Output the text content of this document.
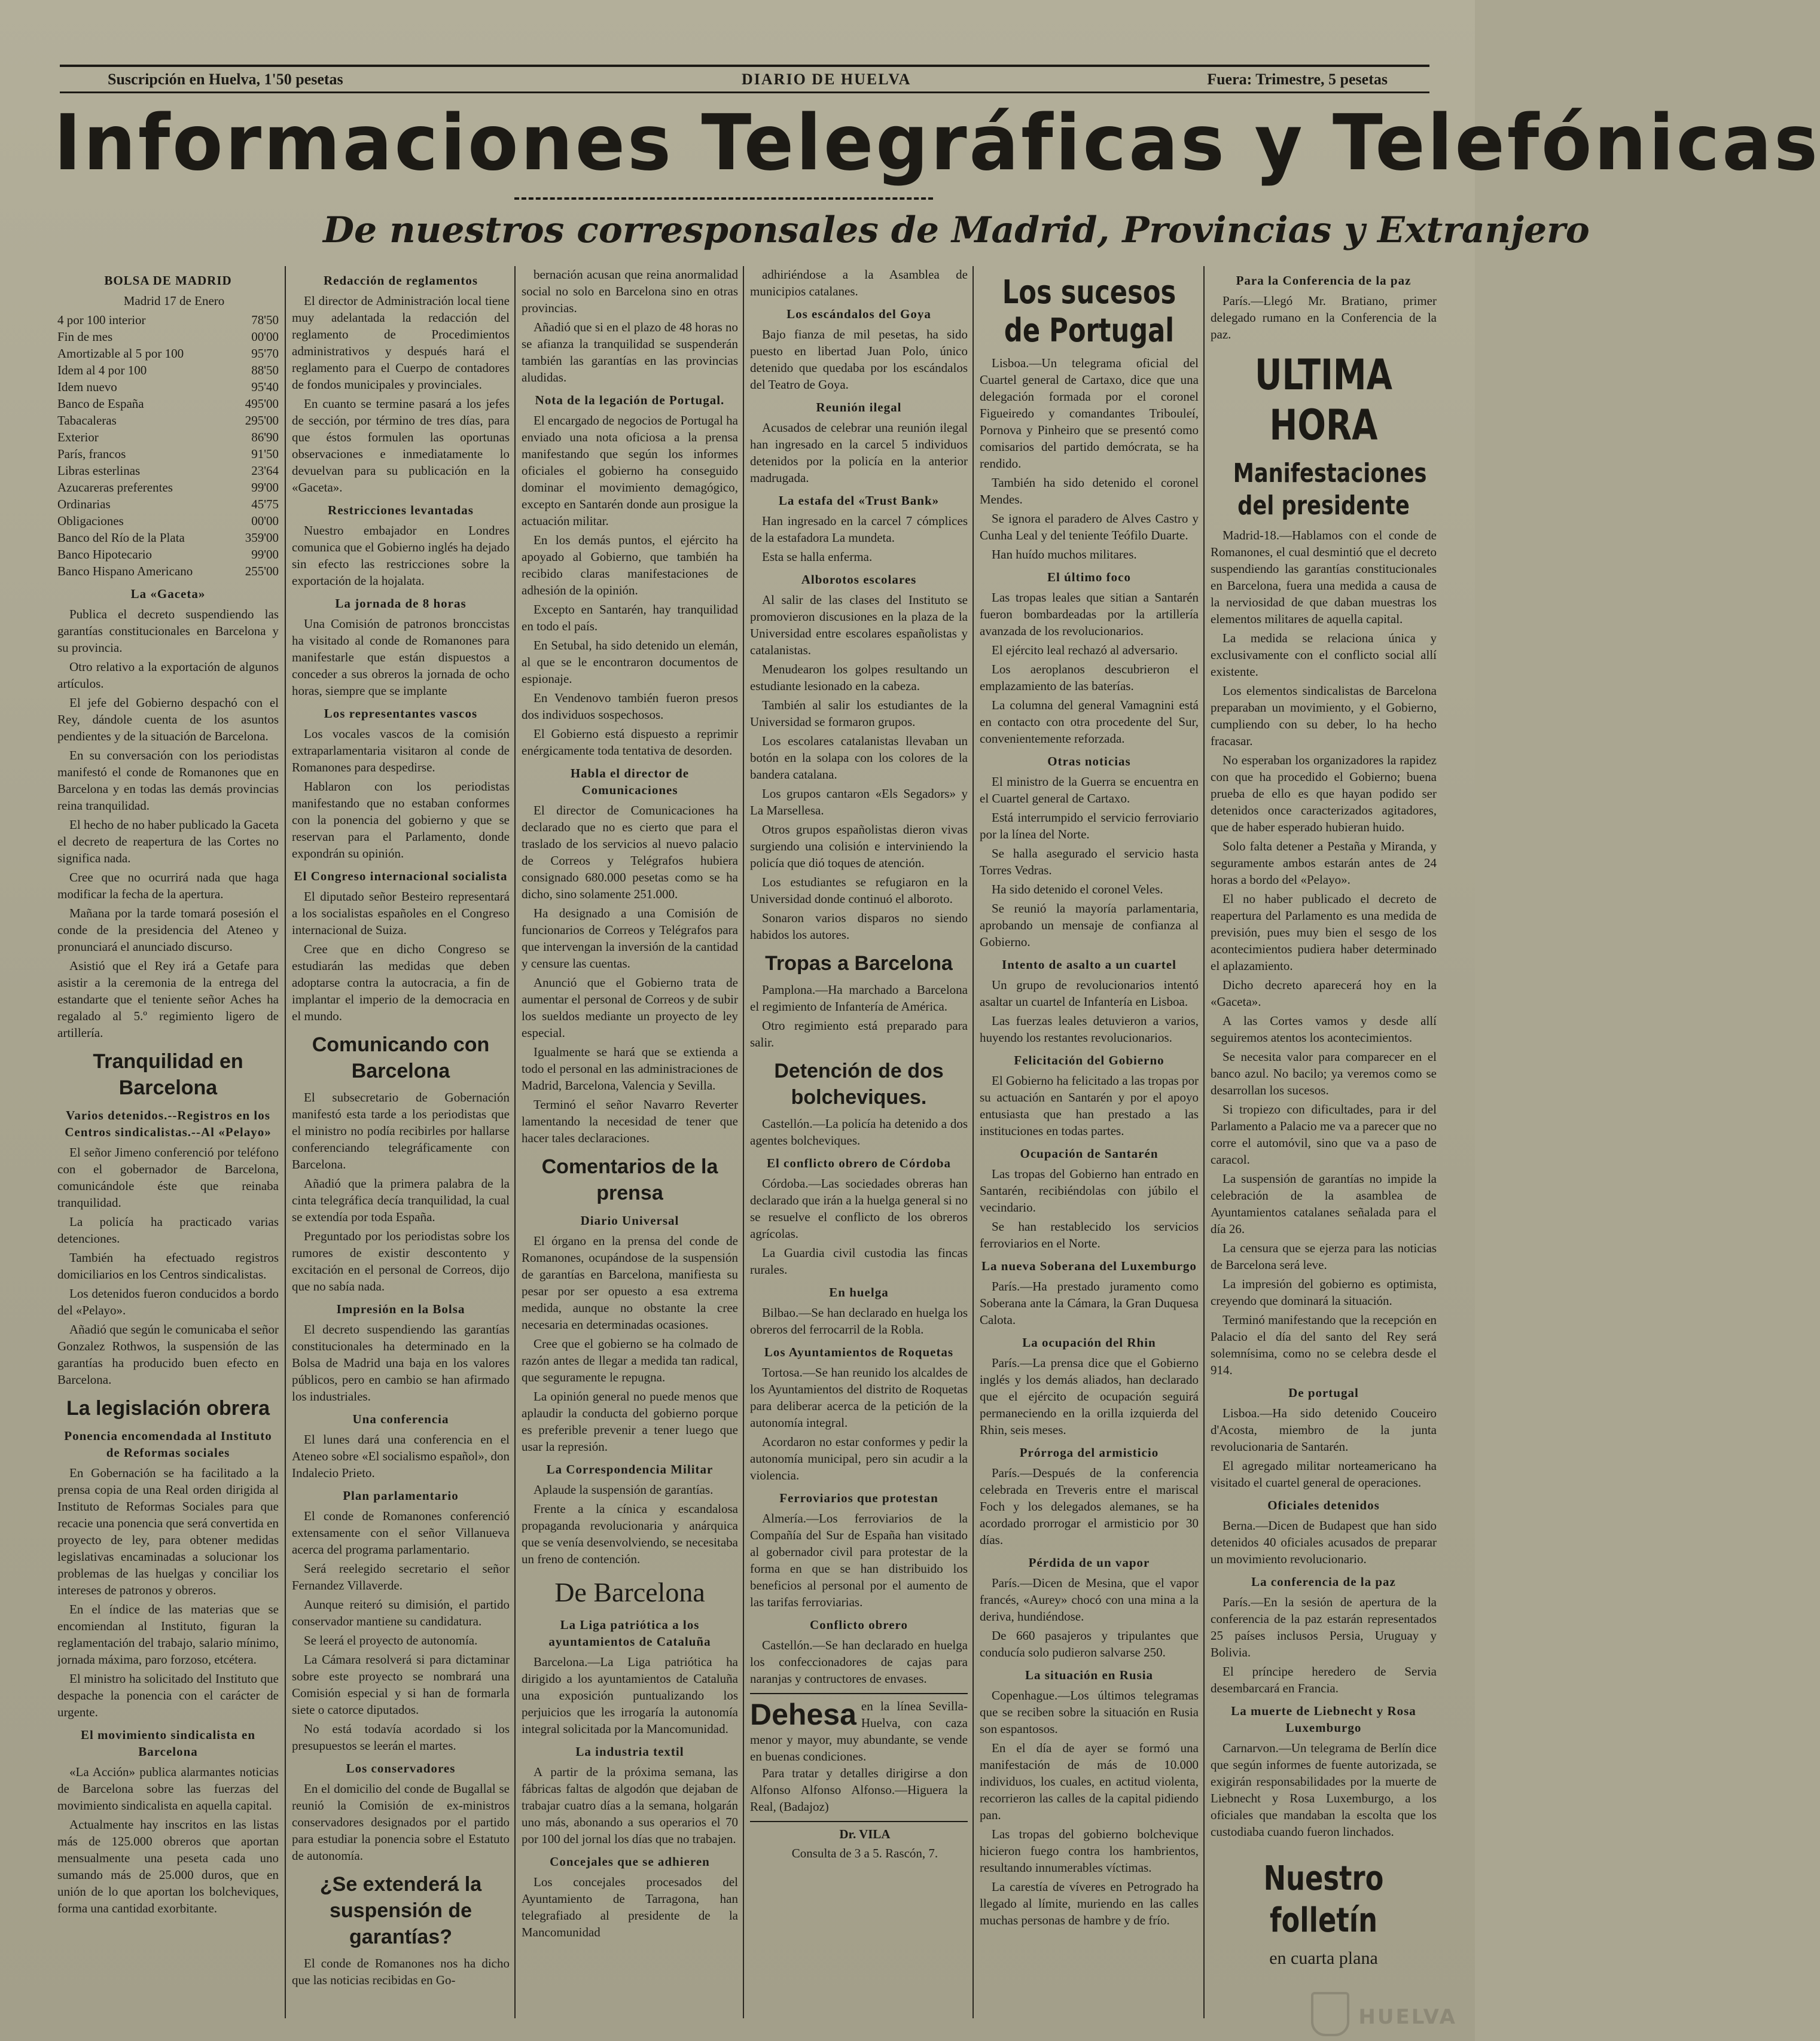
Suscripción en Huelva, 1'50 pesetas	DIARIO DE HUELVA	Fuera: Trimestre, 5 pesetas
Informaciones Telegráficas y Telefónicas
De nuestros corresponsales de Madrid, Provincias y Extranjero
BOLSA DE MADRID

Madrid 17 de Enero

4 por 100 interior	78'50
Fin de mes	00'00
Amortizable al 5 por 100	95'70
Idem al 4 por 100	88'50
Idem nuevo	95'40
Banco de España	495'00
Tabacaleras	295'00
Exterior	86'90
París, francos	91'50
Libras esterlinas	23'64
Azucareras preferentes	99'00
Ordinarias	45'75
Obligaciones	00'00
Banco del Río de la Plata	359'00
Banco Hipotecario	99'00
Banco Hispano Americano	255'00
La «Gaceta»

Publica el decreto suspendiendo las garantías constitucionales en Barcelona y su provincia.

Otro relativo a la exportación de algunos artículos.

El jefe del Gobierno despachó con el Rey, dándole cuenta de los asuntos pendientes y de la situación de Barcelona.

En su conversación con los periodistas manifestó el conde de Romanones que en Barcelona y en todas las demás provincias reina tranquilidad.

El hecho de no haber publicado la Gaceta el decreto de reapertura de las Cortes no significa nada.

Cree que no ocurrirá nada que haga modificar la fecha de la apertura.

Mañana por la tarde tomará posesión el conde de la presidencia del Ateneo y pronunciará el anunciado discurso.

Asistió que el Rey irá a Getafe para asistir a la ceremonia de la entrega del estandarte que el teniente señor Aches ha regalado al 5.º regimiento ligero de artillería.

Tranquilidad en Barcelona
Varios detenidos.--Registros en los Centros sindicalistas.--Al «Pelayo»

El señor Jimeno conferenció por teléfono con el gobernador de Barcelona, comunicándole éste que reinaba tranquilidad.

La policía ha practicado varias detenciones.

También ha efectuado registros domiciliarios en los Centros sindicalistas.

Los detenidos fueron conducidos a bordo del «Pelayo».

Añadió que según le comunicaba el señor Gonzalez Rothwos, la suspensión de las garantías ha producido buen efecto en Barcelona.

La legislación obrera
Ponencia encomendada al Instituto de Reformas sociales

En Gobernación se ha facilitado a la prensa copia de una Real orden dirigida al Instituto de Reformas Sociales para que recacie una ponencia que será convertida en proyecto de ley, para obtener medidas legislativas encaminadas a solucionar los problemas de las huelgas y conciliar los intereses de patronos y obreros.

En el índice de las materias que se encomiendan al Instituto, figuran la reglamentación del trabajo, salario mínimo, jornada máxima, paro forzoso, etcétera.

El ministro ha solicitado del Instituto que despache la ponencia con el carácter de urgente.

El movimiento sindicalista en Barcelona

«La Acción» publica alarmantes noticias de Barcelona sobre las fuerzas del movimiento sindicalista en aquella capital.

Actualmente hay inscritos en las listas más de 125.000 obreros que aportan mensualmente una peseta cada uno sumando más de 25.000 duros, que en unión de lo que aportan los bolcheviques, forma una cantidad exorbitante.

Redacción de reglamentos

El director de Administración local tiene muy adelantada la redacción del reglamento de Procedimientos administrativos y después hará el reglamento para el Cuerpo de contadores de fondos municipales y provinciales.

En cuanto se termine pasará a los jefes de sección, por término de tres días, para que éstos formulen las oportunas observaciones e inmediatamente lo devuelvan para su publicación en la «Gaceta».

Restricciones levantadas

Nuestro embajador en Londres comunica que el Gobierno inglés ha dejado sin efecto las restricciones sobre la exportación de la hojalata.

La jornada de 8 horas

Una Comisión de patronos bronccistas ha visitado al conde de Romanones para manifestarle que están dispuestos a conceder a sus obreros la jornada de ocho horas, siempre que se implante

Los representantes vascos

Los vocales vascos de la comisión extraparlamentaria visitaron al conde de Romanones para despedirse.

Hablaron con los periodistas manifestando que no estaban conformes con la ponencia del gobierno y que se reservan para el Parlamento, donde expondrán su opinión.

El Congreso internacional socialista

El diputado señor Besteiro representará a los socialistas españoles en el Congreso internacional de Suiza.

Cree que en dicho Congreso se estudiarán las medidas que deben adoptarse contra la autocracia, a fin de implantar el imperio de la democracia en el mundo.

Comunicando con Barcelona

El subsecretario de Gobernación manifestó esta tarde a los periodistas que el ministro no podía recibirles por hallarse conferenciando telegráficamente con Barcelona.

Añadió que la primera palabra de la cinta telegráfica decía tranquilidad, la cual se extendía por toda España.

Preguntado por los periodistas sobre los rumores de existir descontento y excitación en el personal de Correos, dijo que no sabía nada.

Impresión en la Bolsa

El decreto suspendiendo las garantías constitucionales ha determinado en la Bolsa de Madrid una baja en los valores públicos, pero en cambio se han afirmado los industriales.

Una conferencia

El lunes dará una conferencia en el Ateneo sobre «El socialismo español», don Indalecio Prieto.

Plan parlamentario

El conde de Romanones conferenció extensamente con el señor Villanueva acerca del programa parlamentario.

Será reelegido secretario el señor Fernandez Villaverde.

Aunque reiteró su dimisión, el partido conservador mantiene su candidatura.

Se leerá el proyecto de autonomía.

La Cámara resolverá si para dictaminar sobre este proyecto se nombrará una Comisión especial y si han de formarla siete o catorce diputados.

No está todavía acordado si los presupuestos se leerán el martes.

Los conservadores

En el domicilio del conde de Bugallal se reunió la Comisión de ex-ministros conservadores designados por el partido para estudiar la ponencia sobre el Estatuto de autonomía.

¿Se extenderá la suspensión de garantías?

El conde de Romanones nos ha dicho que las noticias recibidas en Go-

bernación acusan que reina anormalidad social no solo en Barcelona sino en otras provincias.

Añadió que si en el plazo de 48 horas no se afianza la tranquilidad se suspenderán también las garantías en las provincias aludidas.

Nota de la legación de Portugal.

El encargado de negocios de Portugal ha enviado una nota oficiosa a la prensa manifestando que según los informes oficiales el gobierno ha conseguido dominar el movimiento demagógico, excepto en Santarén donde aun prosigue la actuación militar.

En los demás puntos, el ejército ha apoyado al Gobierno, que también ha recibido claras manifestaciones de adhesión de la opinión.

Excepto en Santarén, hay tranquilidad en todo el país.

En Setubal, ha sido detenido un elemán, al que se le encontraron documentos de espionaje.

En Vendenovo también fueron presos dos individuos sospechosos.

El Gobierno está dispuesto a reprimir enérgicamente toda tentativa de desorden.

Habla el director de Comunicaciones

El director de Comunicaciones ha declarado que no es cierto que para el traslado de los servicios al nuevo palacio de Correos y Telégrafos hubiera consignado 680.000 pesetas como se ha dicho, sino solamente 251.000.

Ha designado a una Comisión de funcionarios de Correos y Telégrafos para que intervengan la inversión de la cantidad y censure las cuentas.

Anunció que el Gobierno trata de aumentar el personal de Correos y de subir los sueldos mediante un proyecto de ley especial.

Igualmente se hará que se extienda a todo el personal en las administraciones de Madrid, Barcelona, Valencia y Sevilla.

Terminó el señor Navarro Reverter lamentando la necesidad de tener que hacer tales declaraciones.

Comentarios de la prensa
Diario Universal

El órgano en la prensa del conde de Romanones, ocupándose de la suspensión de garantías en Barcelona, manifiesta su pesar por ser opuesto a esa extrema medida, aunque no obstante la cree necesaria en determinadas ocasiones.

Cree que el gobierno se ha colmado de razón antes de llegar a medida tan radical, que seguramente le repugna.

La opinión general no puede menos que aplaudir la conducta del gobierno porque es preferible prevenir a tener luego que usar la represión.

La Correspondencia Militar

Aplaude la suspensión de garantías.

Frente a la cínica y escandalosa propaganda revolucionaria y anárquica que se venía desenvolviendo, se necesitaba un freno de contención.

De Barcelona
La Liga patriótica a los ayuntamientos de Cataluña

Barcelona.—La Liga patriótica ha dirigido a los ayuntamientos de Cataluña una exposición puntualizando los perjuicios que les irrogaría la autonomía integral solicitada por la Mancomunidad.

La industria textil

A partir de la próxima semana, las fábricas faltas de algodón que dejaban de trabajar cuatro días a la semana, holgarán uno más, abonando a sus operarios el 70 por 100 del jornal los días que no trabajen.

Concejales que se adhieren

Los concejales procesados del Ayuntamiento de Tarragona, han telegrafiado al presidente de la Mancomunidad

adhiriéndose a la Asamblea de municipios catalanes.

Los escándalos del Goya

Bajo fianza de mil pesetas, ha sido puesto en libertad Juan Polo, único detenido que quedaba por los escándalos del Teatro de Goya.

Reunión ilegal

Acusados de celebrar una reunión ilegal han ingresado en la carcel 5 individuos detenidos por la policía en la anterior madrugada.

La estafa del «Trust Bank»

Han ingresado en la carcel 7 cómplices de la estafadora La mundeta.

Esta se halla enferma.

Alborotos escolares

Al salir de las clases del Instituto se promovieron discusiones en la plaza de la Universidad entre escolares españolistas y catalanistas.

Menudearon los golpes resultando un estudiante lesionado en la cabeza.

También al salir los estudiantes de la Universidad se formaron grupos.

Los escolares catalanistas llevaban un botón en la solapa con los colores de la bandera catalana.

Los grupos cantaron «Els Segadors» y La Marsellesa.

Otros grupos españolistas dieron vivas surgiendo una colisión e interviniendo la policía que dió toques de atención.

Los estudiantes se refugiaron en la Universidad donde continuó el alboroto.

Sonaron varios disparos no siendo habidos los autores.

Tropas a Barcelona

Pamplona.—Ha marchado a Barcelona el regimiento de Infantería de América.

Otro regimiento está preparado para salir.

Detención de dos bolcheviques.

Castellón.—La policía ha detenido a dos agentes bolcheviques.

El conflicto obrero de Córdoba

Córdoba.—Las sociedades obreras han declarado que irán a la huelga general si no se resuelve el conflicto de los obreros agrícolas.

La Guardia civil custodia las fincas rurales.

En huelga

Bilbao.—Se han declarado en huelga los obreros del ferrocarril de la Robla.

Los Ayuntamientos de Roquetas

Tortosa.—Se han reunido los alcaldes de los Ayuntamientos del distrito de Roquetas para deliberar acerca de la petición de la autonomía integral.

Acordaron no estar conformes y pedir la autonomía municipal, pero sin acudir a la violencia.

Ferroviarios que protestan

Almería.—Los ferroviarios de la Compañía del Sur de España han visitado al gobernador civil para protestar de la forma en que se han distribuido los beneficios al personal por el aumento de las tarifas ferroviarias.

Conflicto obrero

Castellón.—Se han declarado en huelga los confeccionadores de cajas para naranjas y contructores de envases.

Dehesa en la línea Sevilla-Huelva, con caza menor y mayor, muy abundante, se vende en buenas condiciones.

Para tratar y detalles dirigirse a don Alfonso Alfonso Alfonso.—Higuera la Real, (Badajoz)

Dr. VILA

Consulta de 3 a 5. Rascón, 7.

Los sucesos de Portugal

Lisboa.—Un telegrama oficial del Cuartel general de Cartaxo, dice que una delegación formada por el coronel Figueiredo y comandantes Tribouleí, Pornova y Pinheiro que se presentó como comisarios del partido demócrata, se ha rendido.

También ha sido detenido el coronel Mendes.

Se ignora el paradero de Alves Castro y Cunha Leal y del teniente Teófilo Duarte.

Han huído muchos militares.

El último foco

Las tropas leales que sitian a Santarén fueron bombardeadas por la artillería avanzada de los revolucionarios.

El ejército leal rechazó al adversario.

Los aeroplanos descubrieron el emplazamiento de las baterías.

La columna del general Vamagnini está en contacto con otra procedente del Sur, convenientemente reforzada.

Otras noticias

El ministro de la Guerra se encuentra en el Cuartel general de Cartaxo.

Está interrumpido el servicio ferroviario por la línea del Norte.

Se halla asegurado el servicio hasta Torres Vedras.

Ha sido detenido el coronel Veles.

Se reunió la mayoría parlamentaria, aprobando un mensaje de confianza al Gobierno.

Intento de asalto a un cuartel

Un grupo de revolucionarios intentó asaltar un cuartel de Infantería en Lisboa.

Las fuerzas leales detuvieron a varios, huyendo los restantes revolucionarios.

Felicitación del Gobierno

El Gobierno ha felicitado a las tropas por su actuación en Santarén y por el apoyo entusiasta que han prestado a las instituciones en todas partes.

Ocupación de Santarén

Las tropas del Gobierno han entrado en Santarén, recibiéndolas con júbilo el vecindario.

Se han restablecido los servicios ferroviarios en el Norte.

La nueva Soberana del Luxemburgo

París.—Ha prestado juramento como Soberana ante la Cámara, la Gran Duquesa Calota.

La ocupación del Rhin

París.—La prensa dice que el Gobierno inglés y los demás aliados, han declarado que el ejército de ocupación seguirá permaneciendo en la orilla izquierda del Rhin, seis meses.

Prórroga del armisticio

París.—Después de la conferencia celebrada en Treveris entre el mariscal Foch y los delegados alemanes, se ha acordado prorrogar el armisticio por 30 días.

Pérdida de un vapor

París.—Dicen de Mesina, que el vapor francés, «Aurey» chocó con una mina a la deriva, hundiéndose.

De 660 pasajeros y tripulantes que conducía solo pudieron salvarse 250.

La situación en Rusia

Copenhague.—Los últimos telegramas que se reciben sobre la situación en Rusia son espantosos.

En el día de ayer se formó una manifestación de más de 10.000 individuos, los cuales, en actitud violenta, recorrieron las calles de la capital pidiendo pan.

Las tropas del gobierno bolchevique hicieron fuego contra los hambrientos, resultando innumerables víctimas.

La carestía de víveres en Petrogrado ha llegado al límite, muriendo en las calles muchas personas de hambre y de frío.

Para la Conferencia de la paz

París.—Llegó Mr. Bratiano, primer delegado rumano en la Conferencia de la paz.

ULTIMA HORA
Manifestaciones del presidente

Madrid-18.—Hablamos con el conde de Romanones, el cual desmintió que el decreto suspendiendo las garantías constitucionales en Barcelona, fuera una medida a causa de la nerviosidad de que daban muestras los elementos militares de aquella capital.

La medida se relaciona única y exclusivamente con el conflicto social allí existente.

Los elementos sindicalistas de Barcelona preparaban un movimiento, y el Gobierno, cumpliendo con su deber, lo ha hecho fracasar.

No esperaban los organizadores la rapidez con que ha procedido el Gobierno; buena prueba de ello es que hayan podido ser detenidos once caracterizados agitadores, que de haber esperado hubieran huido.

Solo falta detener a Pestaña y Miranda, y seguramente ambos estarán antes de 24 horas a bordo del «Pelayo».

El no haber publicado el decreto de reapertura del Parlamento es una medida de previsión, pues muy bien el sesgo de los acontecimientos pudiera haber determinado el aplazamiento.

Dicho decreto aparecerá hoy en la «Gaceta».

A las Cortes vamos y desde allí seguiremos atentos los acontecimientos.

Se necesita valor para comparecer en el banco azul. No bacilo; ya veremos como se desarrollan los sucesos.

Si tropiezo con dificultades, para ir del Parlamento a Palacio me va a parecer que no corre el automóvil, sino que va a paso de caracol.

La suspensión de garantías no impide la celebración de la asamblea de Ayuntamientos catalanes señalada para el día 26.

La censura que se ejerza para las noticias de Barcelona será leve.

La impresión del gobierno es optimista, creyendo que dominará la situación.

Terminó manifestando que la recepción en Palacio el día del santo del Rey será solemnísima, como no se celebra desde el 914.

De portugal

Lisboa.—Ha sido detenido Couceiro d'Acosta, miembro de la junta revolucionaria de Santarén.

El agregado militar norteamericano ha visitado el cuartel general de operaciones.

Oficiales detenidos

Berna.—Dicen de Budapest que han sido detenidos 40 oficiales acusados de preparar un movimiento revolucionario.

La conferencia de la paz

París.—En la sesión de apertura de la conferencia de la paz estarán representados 25 países inclusos Persia, Uruguay y Bolivia.

El príncipe heredero de Servia desembarcará en Francia.

La muerte de Liebnecht y Rosa Luxemburgo

Carnarvon.—Un telegrama de Berlín dice que según informes de fuente autorizada, se exigirán responsabilidades por la muerte de Liebnecht y Rosa Luxemburgo, a los oficiales que mandaban la escolta que los custodiaba cuando fueron linchados.

Nuestro folletín

en cuarta plana

HUELVA
